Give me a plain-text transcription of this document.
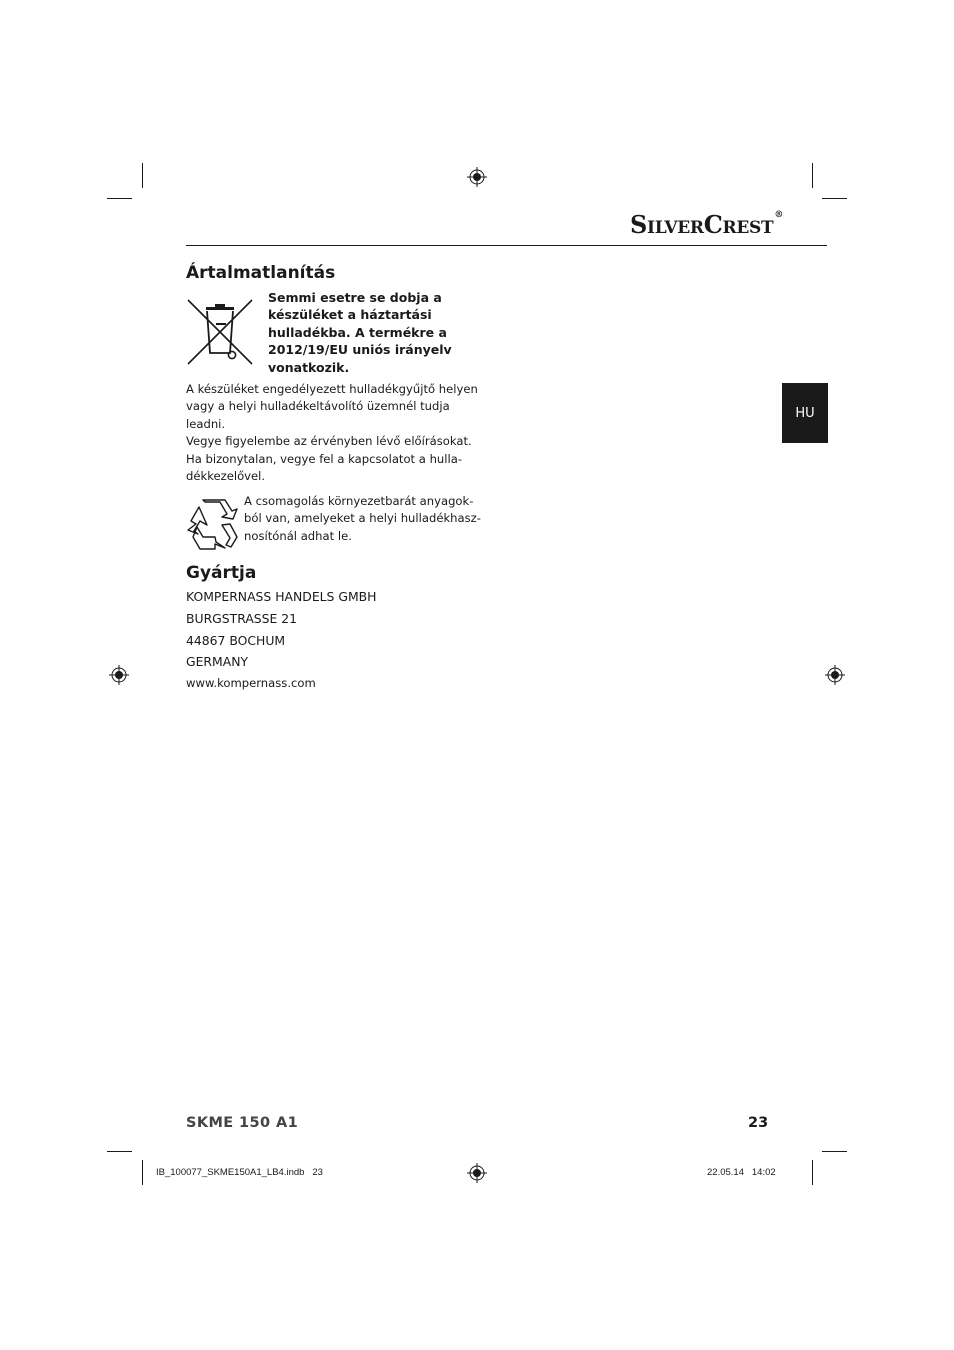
SILVERCREST®
HU
Ártalmatlanítás
Semmi esetre se dobja a készüléket a háztartási hulladékba. A termékre a 2012/19/EU uniós irányelv vonatkozik.
A készüléket engedélyezett hulladékgyűjtő helyen
vagy a helyi hulladékeltávolító üzemnél tudja leadni.
Vegye figyelembe az érvényben lévő előírásokat.
Ha bizonytalan, vegye fel a kapcsolatot a hulla-
dékkezelővel.
A csomagolás környezetbarát anyagok-
ból van, amelyeket a helyi hulladékhasz-
nosítónál adhat le.
Gyártja
KOMPERNASS HANDELS GMBH
BURGSTRASSE 21
44867 BOCHUM
GERMANY
www.kompernass.com
SKME 150 A1	23
IB_100077_SKME150A1_LB4.indb   23	22.05.14   14:02
